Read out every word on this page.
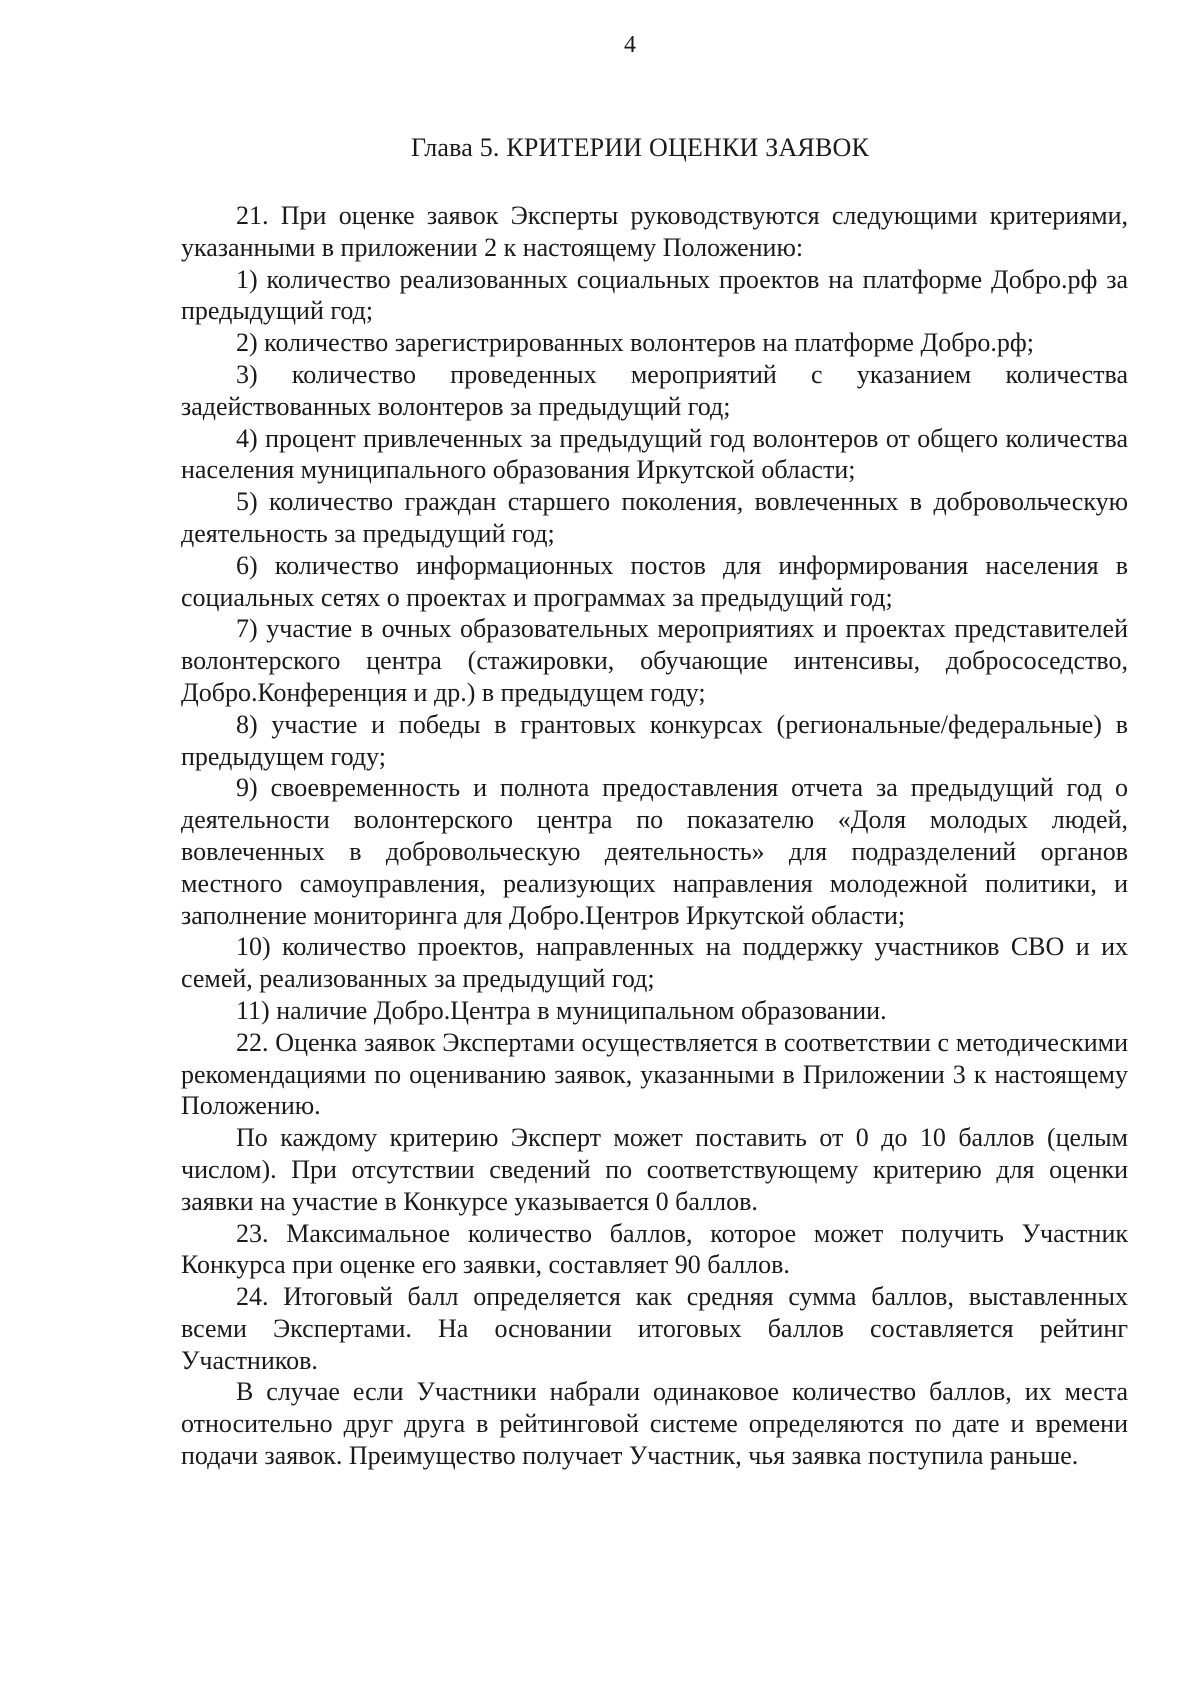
4
Глава 5. КРИТЕРИИ ОЦЕНКИ ЗАЯВОК

21. При оценке заявок Эксперты руководствуются следующими критериями, указанными в приложении 2 к настоящему Положению:

1) количество реализованных социальных проектов на платформе Добро.рф за предыдущий год;

2) количество зарегистрированных волонтеров на платформе Добро.рф;

3) количество проведенных мероприятий с указанием количества задействованных волонтеров за предыдущий год;

4) процент привлеченных за предыдущий год волонтеров от общего количества населения муниципального образования Иркутской области;

5) количество граждан старшего поколения, вовлеченных в добровольческую деятельность за предыдущий год;

6) количество информационных постов для информирования населения в социальных сетях о проектах и программах за предыдущий год;

7) участие в очных образовательных мероприятиях и проектах представителей волонтерского центра (стажировки, обучающие интенсивы, добрососедство, Добро.Конференция и др.) в предыдущем году;

8) участие и победы в грантовых конкурсах (региональные/федеральные) в предыдущем году;

9) своевременность и полнота предоставления отчета за предыдущий год о деятельности волонтерского центра по показателю «Доля молодых людей, вовлеченных в добровольческую деятельность» для подразделений органов местного самоуправления, реализующих направления молодежной политики, и заполнение мониторинга для Добро.Центров Иркутской области;

10) количество проектов, направленных на поддержку участников СВО и их семей, реализованных за предыдущий год;

11) наличие Добро.Центра в муниципальном образовании.

22. Оценка заявок Экспертами осуществляется в соответствии с методическими рекомендациями по оцениванию заявок, указанными в Приложении 3 к настоящему Положению.

По каждому критерию Эксперт может поставить от 0 до 10 баллов (целым числом). При отсутствии сведений по соответствующему критерию для оценки заявки на участие в Конкурсе указывается 0 баллов.

23. Максимальное количество баллов, которое может получить Участник Конкурса при оценке его заявки, составляет 90 баллов.

24. Итоговый балл определяется как средняя сумма баллов, выставленных всеми Экспертами. На основании итоговых баллов составляется рейтинг Участников.

В случае если Участники набрали одинаковое количество баллов, их места относительно друг друга в рейтинговой системе определяются по дате и времени подачи заявок. Преимущество получает Участник, чья заявка поступила раньше.
